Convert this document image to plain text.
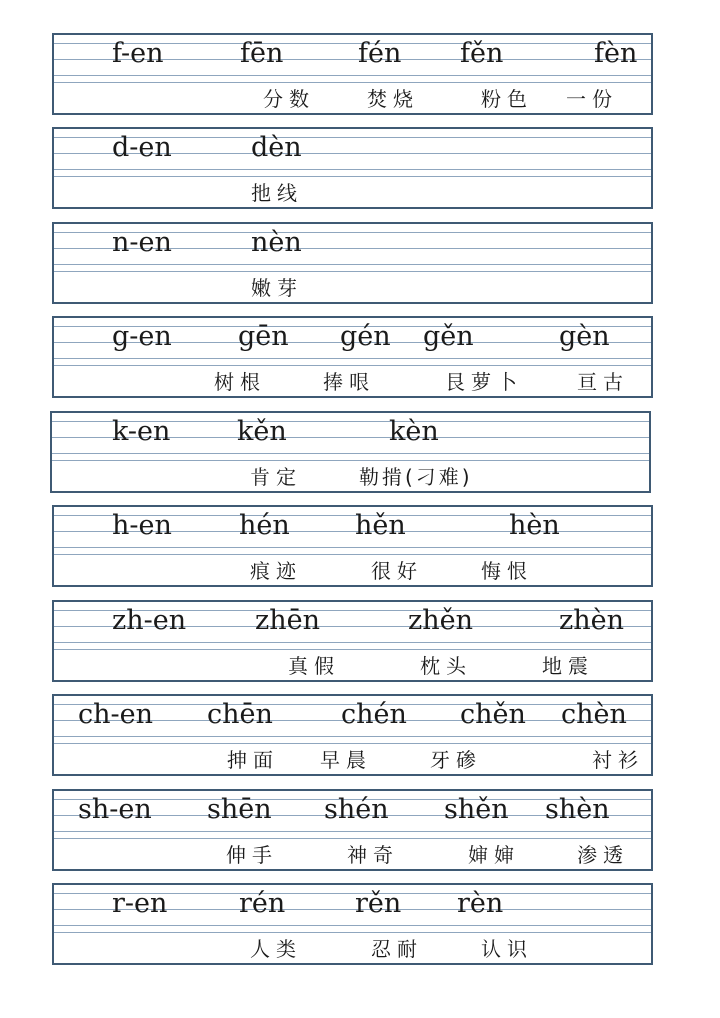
f-en	fēn	fén fěn	fèn
分数	焚烧	粉色 一份
d-en	dèn
扡线
n-en	nèn
嫩芽
g-en gēn gén gěn	gèn
树根	捧哏	艮萝卜	亘古
k-en kěn	kèn
肯定	勒掯(刁难)
h-en hén hěn	hèn
痕迹	很好	悔恨
zh-en	zhēn	zhěn	zhèn
真假	枕头	地震
ch-en chēn	chén chěn chèn
抻面 早晨	牙碜	衬衫
sh-en shēn shén shěn shèn
伸手	神奇	婶婶	渗透
r-en	rén	rěn rèn
人类	忍耐	认识
